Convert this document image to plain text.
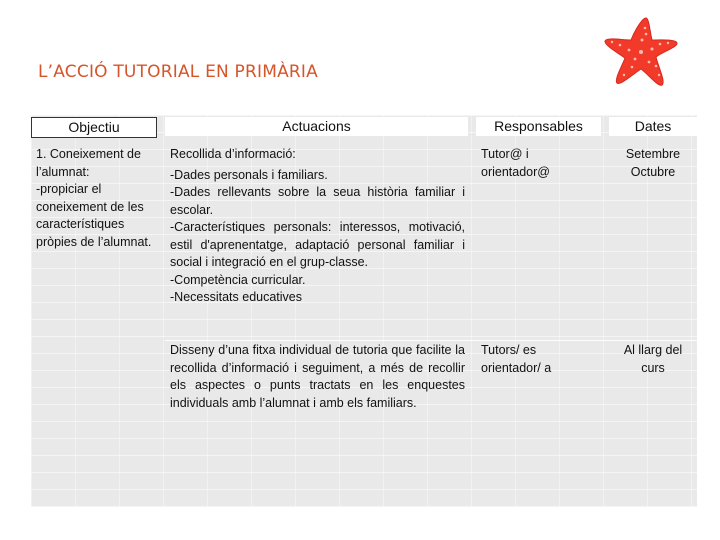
L’ACCIÓ TUTORIAL EN PRIMÀRIA
Objectiu

1. Coneixement de l’alumnat:

-propiciar el coneixement de les característiques pròpies de l’alumnat.

Actuacions

Recollida d’informació:

-Dades personals i familiars.

-Dades rellevants sobre la seua història familiar i escolar.

-Característiques personals: interessos, motivació, estil d'aprenentatge, adaptació personal familiar i social i integració en el grup-classe.

-Competència curricular.

-Necessitats educatives

Disseny d’una fitxa individual de tutoria que facilite la recollida d’informació i seguiment, a més de recollir els aspectes o punts tractats en les enquestes individuals amb l’alumnat i amb els familiars.

Responsables
Tutor@ i orientador@
Tutors/ es orientador/ a
Dates

Setembre

Octubre

Al llarg del curs
